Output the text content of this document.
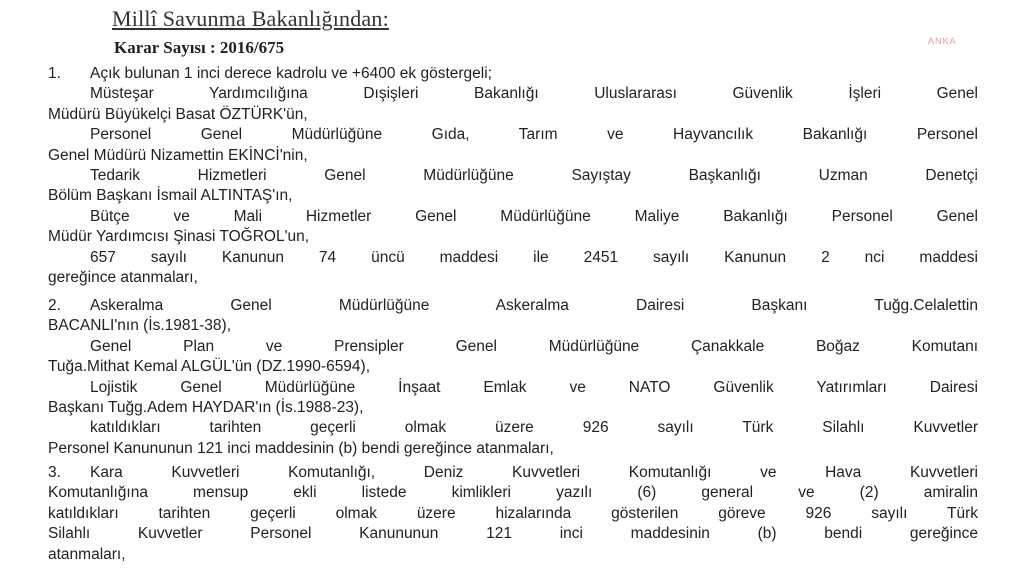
Millî Savunma Bakanlığından:
Karar Sayısı : 2016/675	ANKA
1. Açık bulunan 1 inci derece kadrolu ve +6400 ek göstergeli;
Müsteşar Yardımcılığına Dışişleri Bakanlığı Uluslararası Güvenlik İşleri Genel
Müdürü Büyükelçi Basat ÖZTÜRK'ün,
Personel Genel Müdürlüğüne Gıda, Tarım ve Hayvancılık Bakanlığı Personel
Genel Müdürü Nizamettin EKİNCİ'nin,
Tedarik Hizmetleri Genel Müdürlüğüne Sayıştay Başkanlığı Uzman Denetçi
Bölüm Başkanı İsmail ALTINTAŞ'ın,
Bütçe ve Mali Hizmetler Genel Müdürlüğüne Maliye Bakanlığı Personel Genel
Müdür Yardımcısı Şinasi TOĞROL'un,
657 sayılı Kanunun 74 üncü maddesi ile 2451 sayılı Kanunun 2 nci maddesi
gereğince atanmaları,
2. Askeralma Genel Müdürlüğüne Askeralma Dairesi Başkanı Tuğg.Celalettin
BACANLI'nın (İs.1981-38),
Genel Plan ve Prensipler Genel Müdürlüğüne Çanakkale Boğaz Komutanı
Tuğa.Mithat Kemal ALGÜL'ün (DZ.1990-6594),
Lojistik Genel Müdürlüğüne İnşaat Emlak ve NATO Güvenlik Yatırımları Dairesi
Başkanı Tuğg.Adem HAYDAR'ın (İs.1988-23),
katıldıkları tarihten geçerli olmak üzere 926 sayılı Türk Silahlı Kuvvetler
Personel Kanununun 121 inci maddesinin (b) bendi gereğince atanmaları,
3. Kara Kuvvetleri Komutanlığı, Deniz Kuvvetleri Komutanlığı ve Hava Kuvvetleri
Komutanlığına mensup ekli listede kimlikleri yazılı (6) general ve (2) amiralin
katıldıkları tarihten geçerli olmak üzere hizalarında gösterilen göreve 926 sayılı Türk
Silahlı Kuvvetler Personel Kanununun 121 inci maddesinin (b) bendi gereğince
atanmaları,
